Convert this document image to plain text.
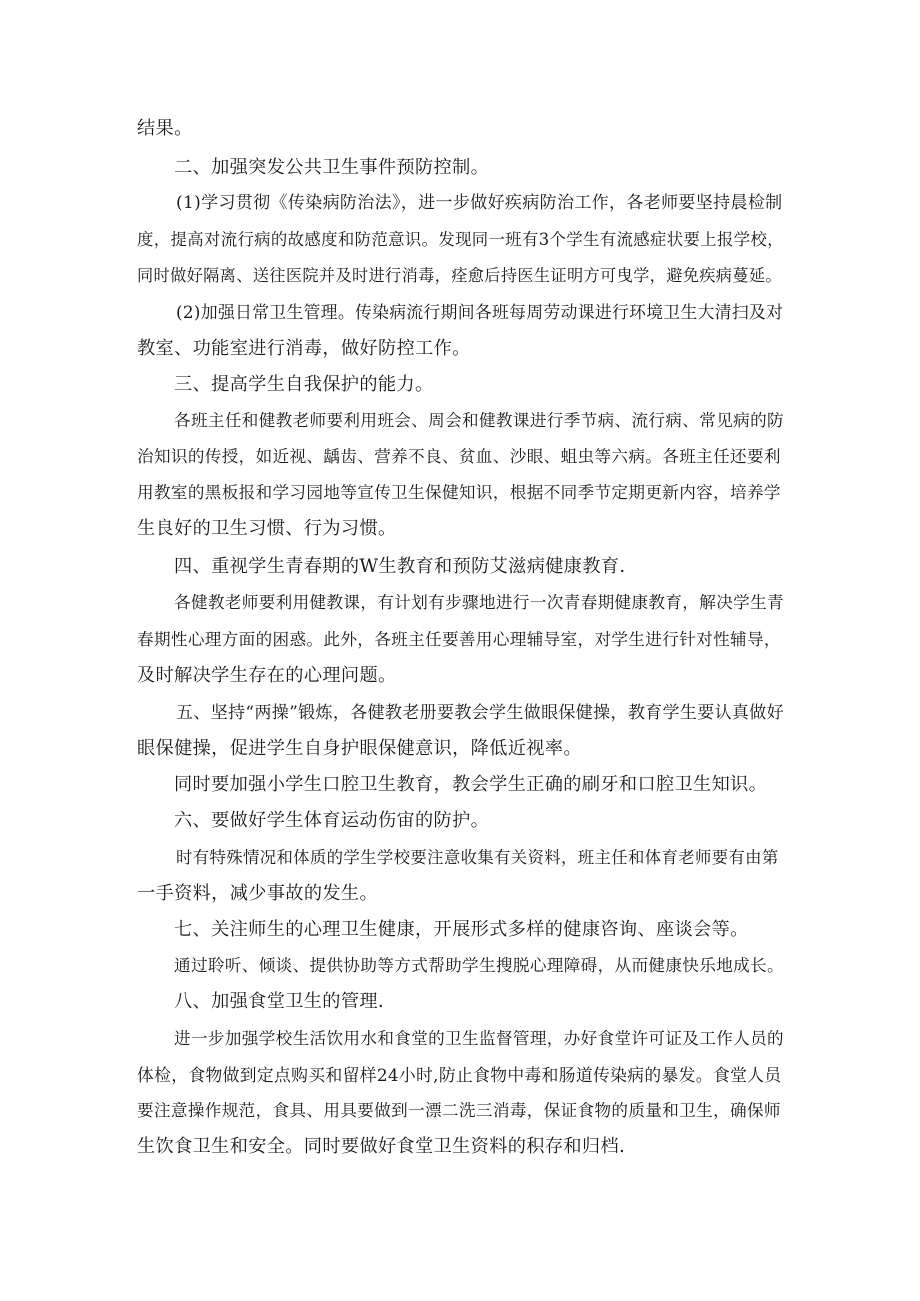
结果。
二、加强突发公共卫生事件预防控制。
(1)学习贯彻《传染病防治法》，进一步做好疾病防治工作，各老师要坚持晨检制
度，提高对流行病的故感度和防范意识。发现同一班有3个学生有流感症状要上报学校，
同时做好隔离、送往医院并及时进行消毒，痊愈后持医生证明方可曳学，避免疾病蔓延。
(2)加强日常卫生管理。传染病流行期间各班每周劳动课进行环境卫生大清扫及对
教室、功能室进行消毒，做好防控工作。
三、提高学生自我保护的能力。
各班主任和健教老师要利用班会、周会和健教课进行季节病、流行病、常见病的防
治知识的传授，如近视、龋齿、营养不良、贫血、沙眼、蛆虫等六病。各班主任还要利
用教室的黑板报和学习园地等宣传卫生保健知识，根据不同季节定期更新内容，培养学
生良好的卫生习惯、行为习惯。
四、重视学生青春期的W生教育和预防艾滋病健康教育.
各健教老师要利用健教课，有计划有步骤地进行一次青春期健康教育，解决学生青
春期性心理方面的困惑。此外，各班主任要善用心理辅导室，对学生进行针对性辅导，
及时解决学生存在的心理问题。
五、坚持“两操”锻炼，各健教老册要教会学生做眼保健操，教育学生要认真做好
眼保健操，促进学生自身护眼保健意识，降低近视率。
同时要加强小学生口腔卫生教育，教会学生正确的刷牙和口腔卫生知识。
六、要做好学生体育运动伤宙的防护。
时有特殊情况和体质的学生学校要注意收集有关资料，班主任和体育老师要有由第
一手资料，减少事故的发生。
七、关注师生的心理卫生健康，开展形式多样的健康咨询、座谈会等。
通过聆听、倾谈、提供协助等方式帮助学生搜脱心理障碍，从而健康快乐地成长。
八、加强食堂卫生的管理.
进一步加强学校生活饮用水和食堂的卫生监督管理，办好食堂许可证及工作人员的
体检，食物做到定点购买和留样24小时,防止食物中毒和肠道传染病的暴发。食堂人员
要注意操作规范，食具、用具要做到一漂二洗三消毒，保证食物的质量和卫生，确保师
生饮食卫生和安全。同时要做好食堂卫生资料的积存和归档.
